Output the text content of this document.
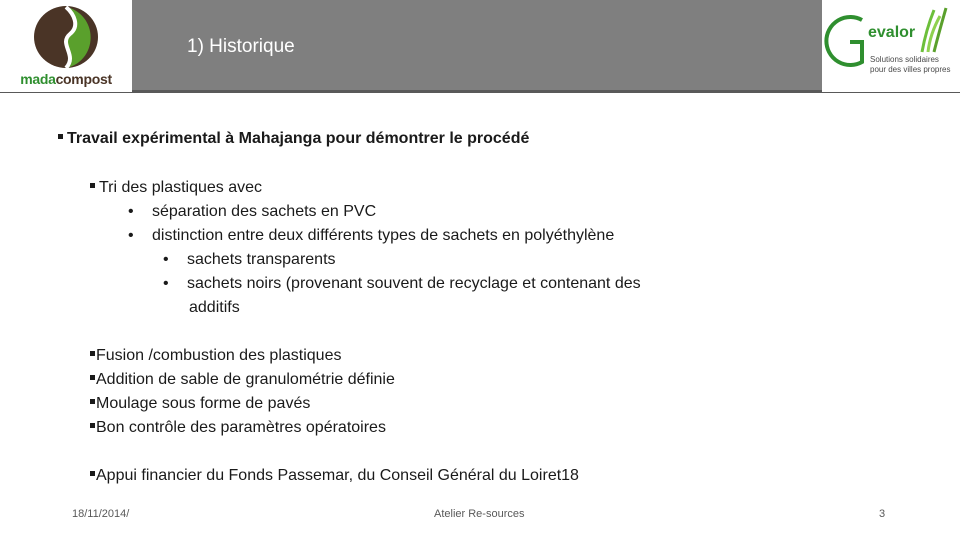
madacompost
1) Historique
evalor
Solutions solidaires
pour des villes propres
Travail expérimental à Mahajanga pour démontrer le procédé
Tri des plastiques avec
• séparation des sachets en PVC
• distinction entre deux différents types de sachets en polyéthylène
• sachets transparents
• sachets noirs (provenant souvent de recyclage et contenant des
additifs
Fusion /combustion des plastiques
Addition de sable de granulométrie définie
Moulage sous forme de pavés
Bon contrôle des paramètres opératoires
Appui financier du Fonds Passemar, du Conseil Général du Loiret18
18/11/2014/	Atelier Re-sources	3
